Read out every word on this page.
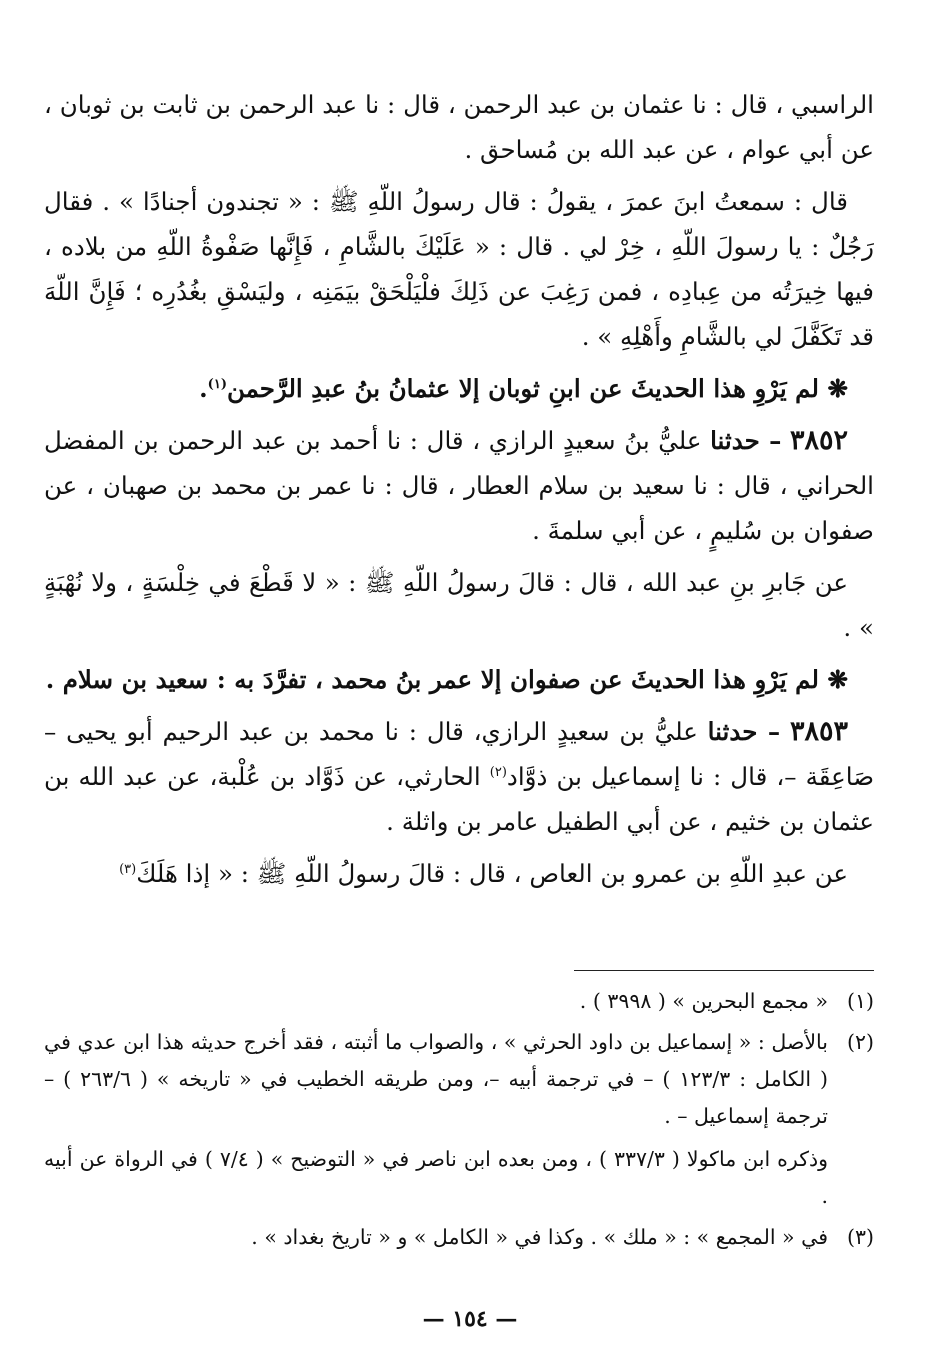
الراسبي ، قال : نا عثمان بن عبد الرحمن ، قال : نا عبد الرحمن بن ثابت بن ثوبان ، عن أبي عوام ، عن عبد الله بن مُساحق .

قال : سمعتُ ابنَ عمرَ ، يقولُ : قال رسولُ اللّهِ ﷺ : « تجندون أجنادًا » . فقال رَجُلٌ : يا رسولَ اللّهِ ، خِرْ لي . قال : « عَلَيْكَ بالشَّامِ ، فَإِنَّها صَفْوةُ اللّهِ من بلاده ، فيها خِيرَتُه من عِبادِه ، فمن رَغِبَ عن ذَلِكَ فلْيَلْحَقْ بيَمَنِه ، وليَسْقِ بغُدُرِه ؛ فَإِنَّ اللّهَ قد تَكَفَّلَ لي بالشَّامِ وأَهْلِهِ » .

❋ لم يَرْوِ هذا الحديثَ عن ابنِ ثوبان إلا عثمانُ بنُ عبدِ الرَّحمن$^{(١)}$.

٣٨٥٢ – حدثنا عليُّ بنُ سعيدٍ الرازي ، قال : نا أحمد بن عبد الرحمن بن المفضل الحراني ، قال : نا سعيد بن سلام العطار ، قال : نا عمر بن محمد بن صهبان ، عن صفوان بن سُليمٍ ، عن أبي سلمةَ .

عن جَابرِ بنِ عبد الله ، قال : قالَ رسولُ اللّهِ ﷺ : « لا قَطْعَ في خِلْسَةٍ ، ولا نُهْبَةٍ » .

❋ لم يَرْوِ هذا الحديثَ عن صفوان إلا عمر بنُ محمد ، تفرَّدَ به : سعيد بن سلام .

٣٨٥٣ – حدثنا عليُّ بن سعيدٍ الرازي، قال : نا محمد بن عبد الرحيم أبو يحيى – صَاعِقَة –، قال : نا إسماعيل بن ذوَّاد$^{(٢)}$ الحارثي، عن ذَوَّاد بن عُلْبة، عن عبد الله بن عثمان بن خثيم ، عن أبي الطفيل عامر بن واثلة .

عن عبدِ اللّهِ بن عمرو بن العاص ، قال : قالَ رسولُ اللّهِ ﷺ : « إذا هَلَكَ$^{(٣)}$

(١)

« مجمع البحرين » ( ٣٩٩٨ ) .

(٢)

بالأصل : « إسماعيل بن داود الحرثي » ، والصواب ما أثبته ، فقد أخرج حديثه هذا ابن عدي في ( الكامل : ١٢٣/٣ ) – في ترجمة أبيه –، ومن طريقه الخطيب في « تاريخه » ( ٢٦٣/٦ ) – ترجمة إسماعيل – .

وذكره ابن ماكولا ( ٣٣٧/٣ ) ، ومن بعده ابن ناصر في « التوضيح » ( ٧/٤ ) في الرواة عن أبيه .

(٣)

في « المجمع » : « ملك » . وكذا في « الكامل » و « تاريخ بغداد » .

— ١٥٤ —
